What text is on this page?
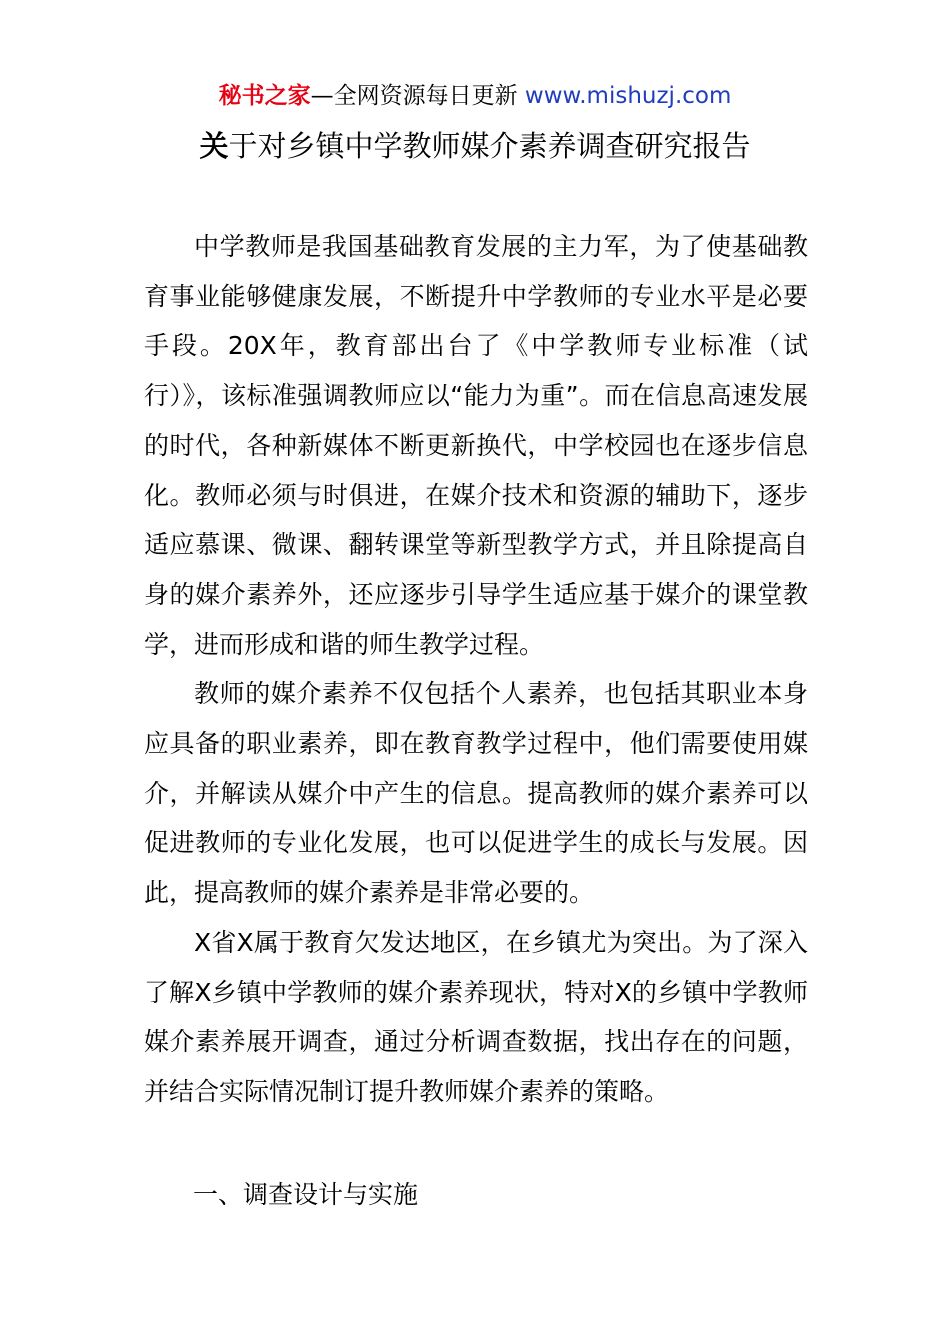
秘书之家—全网资源每日更新 www.mishuzj.com
关于对乡镇中学教师媒介素养调查研究报告

中学教师是我国基础教育发展的主力军，为了使基础教育事业能够健康发展，不断提升中学教师的专业水平是必要手段。20X年，教育部出台了《中学教师专业标准（试行）》，该标准强调教师应以“能力为重”。而在信息高速发展的时代，各种新媒体不断更新换代，中学校园也在逐步信息化。教师必须与时俱进，在媒介技术和资源的辅助下，逐步适应慕课、微课、翻转课堂等新型教学方式，并且除提高自身的媒介素养外，还应逐步引导学生适应基于媒介的课堂教学，进而形成和谐的师生教学过程。

教师的媒介素养不仅包括个人素养，也包括其职业本身应具备的职业素养，即在教育教学过程中，他们需要使用媒介，并解读从媒介中产生的信息。提高教师的媒介素养可以促进教师的专业化发展，也可以促进学生的成长与发展。因此，提高教师的媒介素养是非常必要的。

X省X属于教育欠发达地区，在乡镇尤为突出。为了深入了解X乡镇中学教师的媒介素养现状，特对X的乡镇中学教师媒介素养展开调查，通过分析调查数据，找出存在的问题，并结合实际情况制订提升教师媒介素养的策略。

一、调查设计与实施
